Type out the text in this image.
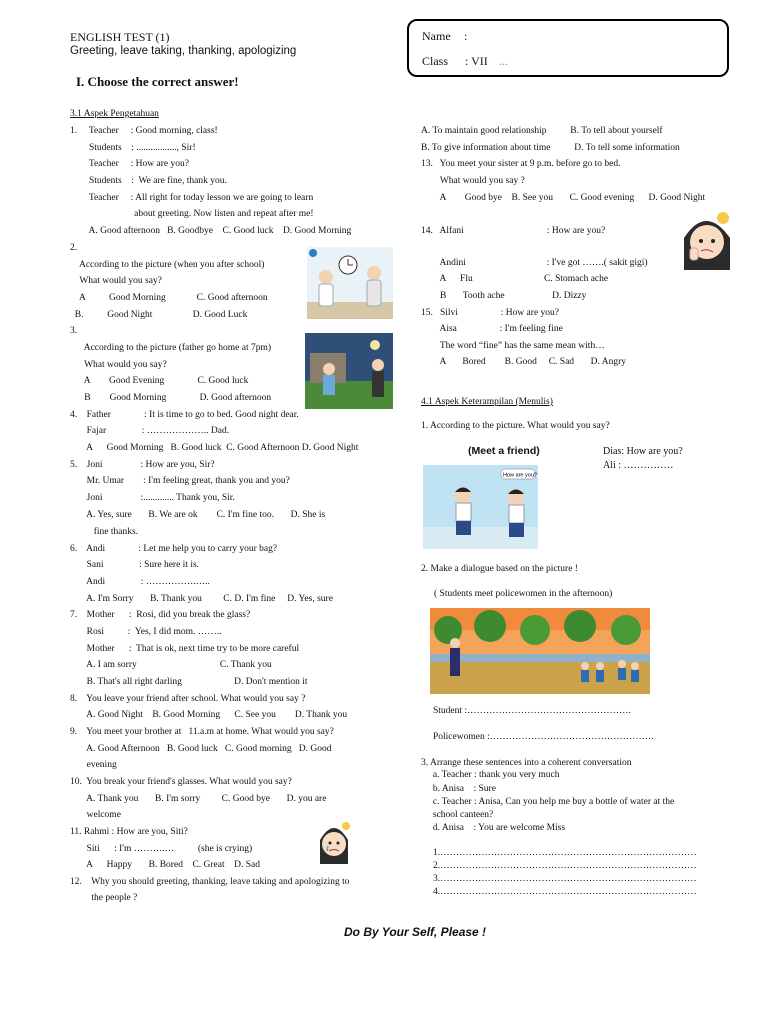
ENGLISH TEST (1)
Greeting, leave taking, thanking, apologizing
Name :
Class : VII ...
I. Choose the correct answer!
3.1 Aspek Pengetahuan
1.     Teacher     : Good morning, class!
Students    : ................., Sir!
Teacher     : How are you?
Students    :  We are fine, thank you.
Teacher     : All right for today lesson we are going to learn
about greeting. Now listen and repeat after me!
A. Good afternoon   B. Goodbye    C. Good luck    D. Good Morning
2.
According to the picture (when you after school)
What would you say?
A          Good Morning             C. Good afternoon
B.          Good Night                 D. Good Luck
3.
According to the picture (father go home at 7pm)
What would you say?
A        Good Evening              C. Good luck
B        Good Morning              D. Good afternoon
4.    Father              : It is time to go to bed. Good night dear.
Fajar               : ……………….. Dad.
A      Good Morning   B. Good luck  C. Good Afternoon D. Good Night
5.    Joni                : How are you, Sir?
Mr. Umar        : I'm feeling great, thank you and you?
Joni                :............. Thank you, Sir.
A. Yes, sure       B. We are ok        C. I'm fine too.       D. She is
fine thanks.
6.    Andi              : Let me help you to carry your bag?
Sani               : Sure here it is.
Andi               : …………….…..
A. I'm Sorry       B. Thank you         C. D. I'm fine     D. Yes, sure
7.    Mother      :  Rosi, did you break the glass?
Rosi          :  Yes, I did mom. ……..
Mother      :  That is ok, next time try to be more careful
A. I am sorry                                   C. Thank you
B. That's all right darling                      D. Don't mention it
8.    You leave your friend after school. What would you say ?
A. Good Night    B. Good Morning      C. See you        D. Thank you
9.    You meet your brother at   11.a.m at home. What would you say?
A. Good Afternoon   B. Good luck   C. Good morning   D. Good
evening
10.  You break your friend's glasses. What would you say?
A. Thank you       B. I'm sorry         C. Good bye       D. you are
welcome
11. Rahmi : How are you, Siti?
Siti      : I'm ……….…          (she is crying)
A      Happy       B. Bored    C. Great    D. Sad
12.    Why you should greeting, thanking, leave taking and apologizing to
the people ?
A. To maintain good relationship          B. To tell about yourself
B. To give information about time          D. To tell some information
13.   You meet your sister at 9 p.m. before go to bed.
What would you say ?
A        Good bye    B. See you       C. Good evening      D. Good Night
14.   Alfani                                   : How are you?
Andini                                  : I've got …….( sakit gigi)
A      Flu                              C. Stomach ache
B       Tooth ache                    D. Dizzy
15.   Silvi                  : How are you?
Aisa                  : I'm feeling fine
The word “fine” has the same mean with…
A       Bored        B. Good     C. Sad       D. Angry
4.1 Aspek Keterampilan (Menulis)
1. According to the picture. What would you say?
(Meet a friend)	Dias: How are you?
Ali : ……………
2. Make a dialogue based on the picture !
( Students meet policewomen in the afternoon)
Student :…………………………………………….
Policewomen :…………………………………………….
3. Arrange these sentences into a coherent conversation
a. Teacher : thank you very much
b. Anisa    : Sure
c. Teacher : Anisa, Can you help me buy a bottle of water at the
school canteen?
d. Anisa    : You are welcome Miss
1.………………………………………………………………………
2.………………………………………………………………………
3.………………………………………………………………………
4.………………………………………………………………………
Do By Your Self, Please !
How are you?
